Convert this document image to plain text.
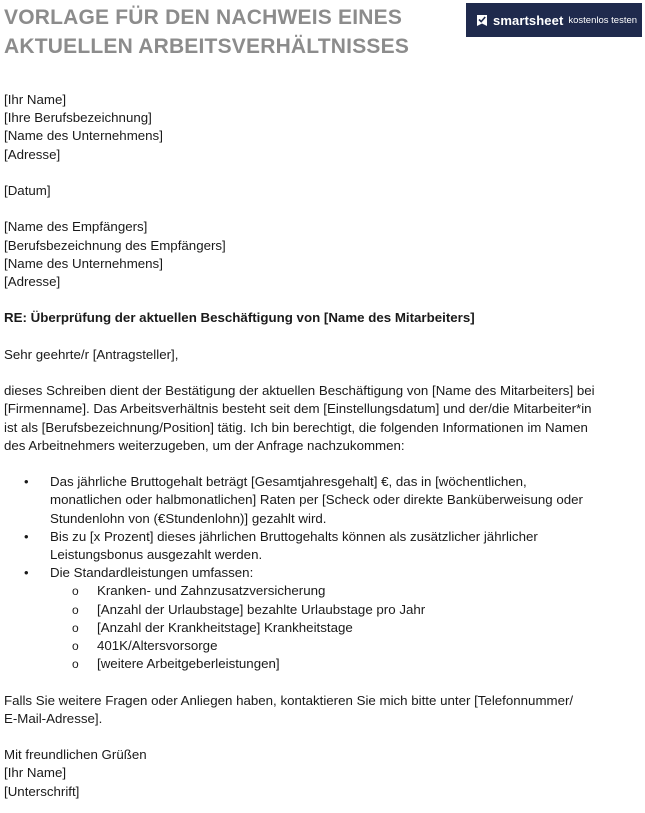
VORLAGE FÜR DEN NACHWEIS EINES
AKTUELLEN ARBEITSVERHÄLTNISSES
smartsheet kostenlos testen
[Ihr Name]
[Ihre Berufsbezeichnung]
[Name des Unternehmens]
[Adresse]
[Datum]
[Name des Empfängers]
[Berufsbezeichnung des Empfängers]
[Name des Unternehmens]
[Adresse]
RE: Überprüfung der aktuellen Beschäftigung von [Name des Mitarbeiters]
Sehr geehrte/r [Antragsteller],
dieses Schreiben dient der Bestätigung der aktuellen Beschäftigung von [Name des Mitarbeiters] bei
[Firmenname]. Das Arbeitsverhältnis besteht seit dem [Einstellungsdatum] und der/die Mitarbeiter*in
ist als [Berufsbezeichnung/Position] tätig. Ich bin berechtigt, die folgenden Informationen im Namen
des Arbeitnehmers weiterzugeben, um der Anfrage nachzukommen:
• Das jährliche Bruttogehalt beträgt [Gesamtjahresgehalt] €, das in [wöchentlichen,
monatlichen oder halbmonatlichen] Raten per [Scheck oder direkte Banküberweisung oder
Stundenlohn von (€Stundenlohn)] gezahlt wird.
• Bis zu [x Prozent] dieses jährlichen Bruttogehalts können als zusätzlicher jährlicher
Leistungsbonus ausgezahlt werden.
• Die Standardleistungen umfassen:
o Kranken- und Zahnzusatzversicherung
o [Anzahl der Urlaubstage] bezahlte Urlaubstage pro Jahr
o [Anzahl der Krankheitstage] Krankheitstage
o 401K/Altersvorsorge
o [weitere Arbeitgeberleistungen]
Falls Sie weitere Fragen oder Anliegen haben, kontaktieren Sie mich bitte unter [Telefonnummer/
E-Mail-Adresse].
Mit freundlichen Grüßen
[Ihr Name]
[Unterschrift]
